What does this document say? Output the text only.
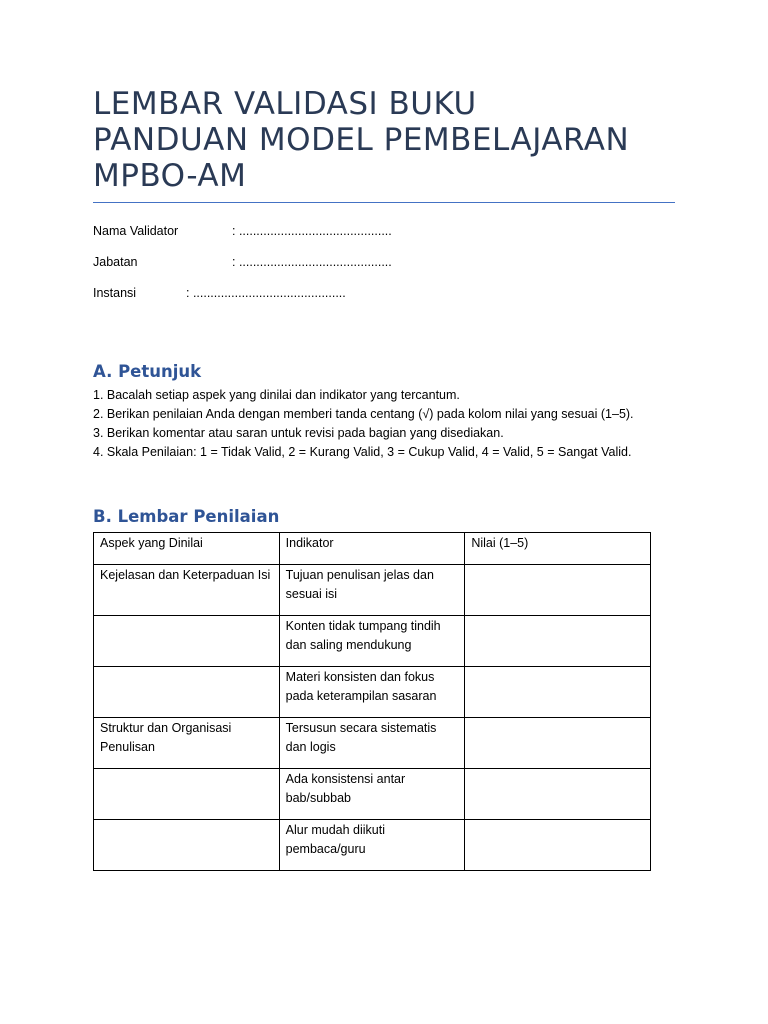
LEMBAR VALIDASI BUKU
PANDUAN MODEL PEMBELAJARAN
MPBO-AM
Nama Validator	: ............................................
Jabatan	: ............................................
Instansi	: ............................................
A. Petunjuk
1. Bacalah setiap aspek yang dinilai dan indikator yang tercantum.
2. Berikan penilaian Anda dengan memberi tanda centang (√) pada kolom nilai yang sesuai (1–5).
3. Berikan komentar atau saran untuk revisi pada bagian yang disediakan.
4. Skala Penilaian: 1 = Tidak Valid, 2 = Kurang Valid, 3 = Cukup Valid, 4 = Valid, 5 = Sangat Valid.
B. Lembar Penilaian
Aspek yang Dinilai	Indikator	Nilai (1–5)
Kejelasan dan Keterpaduan Isi	Tujuan penulisan jelas dan sesuai isi	
	Konten tidak tumpang tindih dan saling mendukung	
	Materi konsisten dan fokus pada keterampilan sasaran	
Struktur dan Organisasi Penulisan	Tersusun secara sistematis dan logis	
	Ada konsistensi antar bab/subbab	
	Alur mudah diikuti pembaca/guru	
